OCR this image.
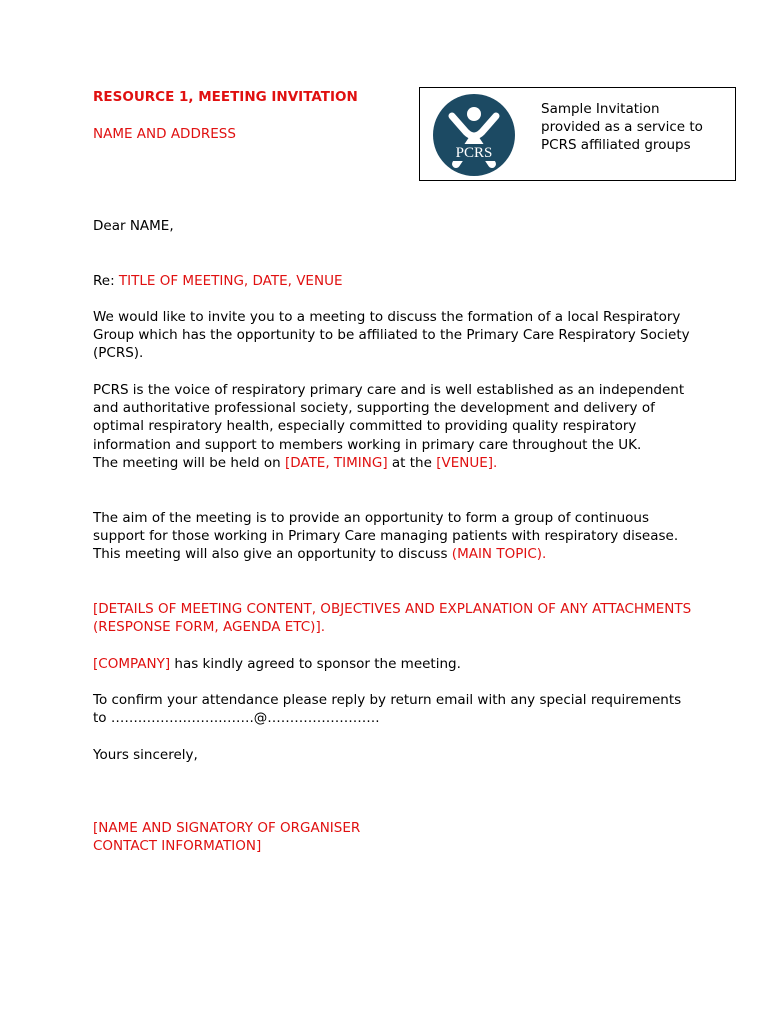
RESOURCE 1, MEETING INVITATION
NAME AND ADDRESS
PCRS
Sample Invitation provided as a service to PCRS affiliated groups

Dear NAME,

Re: TITLE OF MEETING, DATE, VENUE

We would like to invite you to a meeting to discuss the formation of a local Respiratory Group which has the opportunity to be affiliated to the Primary Care Respiratory Society (PCRS).

PCRS is the voice of respiratory primary care and is well established as an independent and authoritative professional society, supporting the development and delivery of optimal respiratory health, especially committed to providing quality respiratory information and support to members working in primary care throughout the UK.
The meeting will be held on [DATE, TIMING] at the [VENUE].

The aim of the meeting is to provide an opportunity to form a group of continuous support for those working in Primary Care managing patients with respiratory disease. This meeting will also give an opportunity to discuss (MAIN TOPIC).

[DETAILS OF MEETING CONTENT, OBJECTIVES AND EXPLANATION OF ANY ATTACHMENTS (RESPONSE FORM, AGENDA ETC)].

[COMPANY] has kindly agreed to sponsor the meeting.

To confirm your attendance please reply by return email with any special requirements to …….……….……..…….@…………………….

Yours sincerely,

[NAME AND SIGNATORY OF ORGANISER
CONTACT INFORMATION]
